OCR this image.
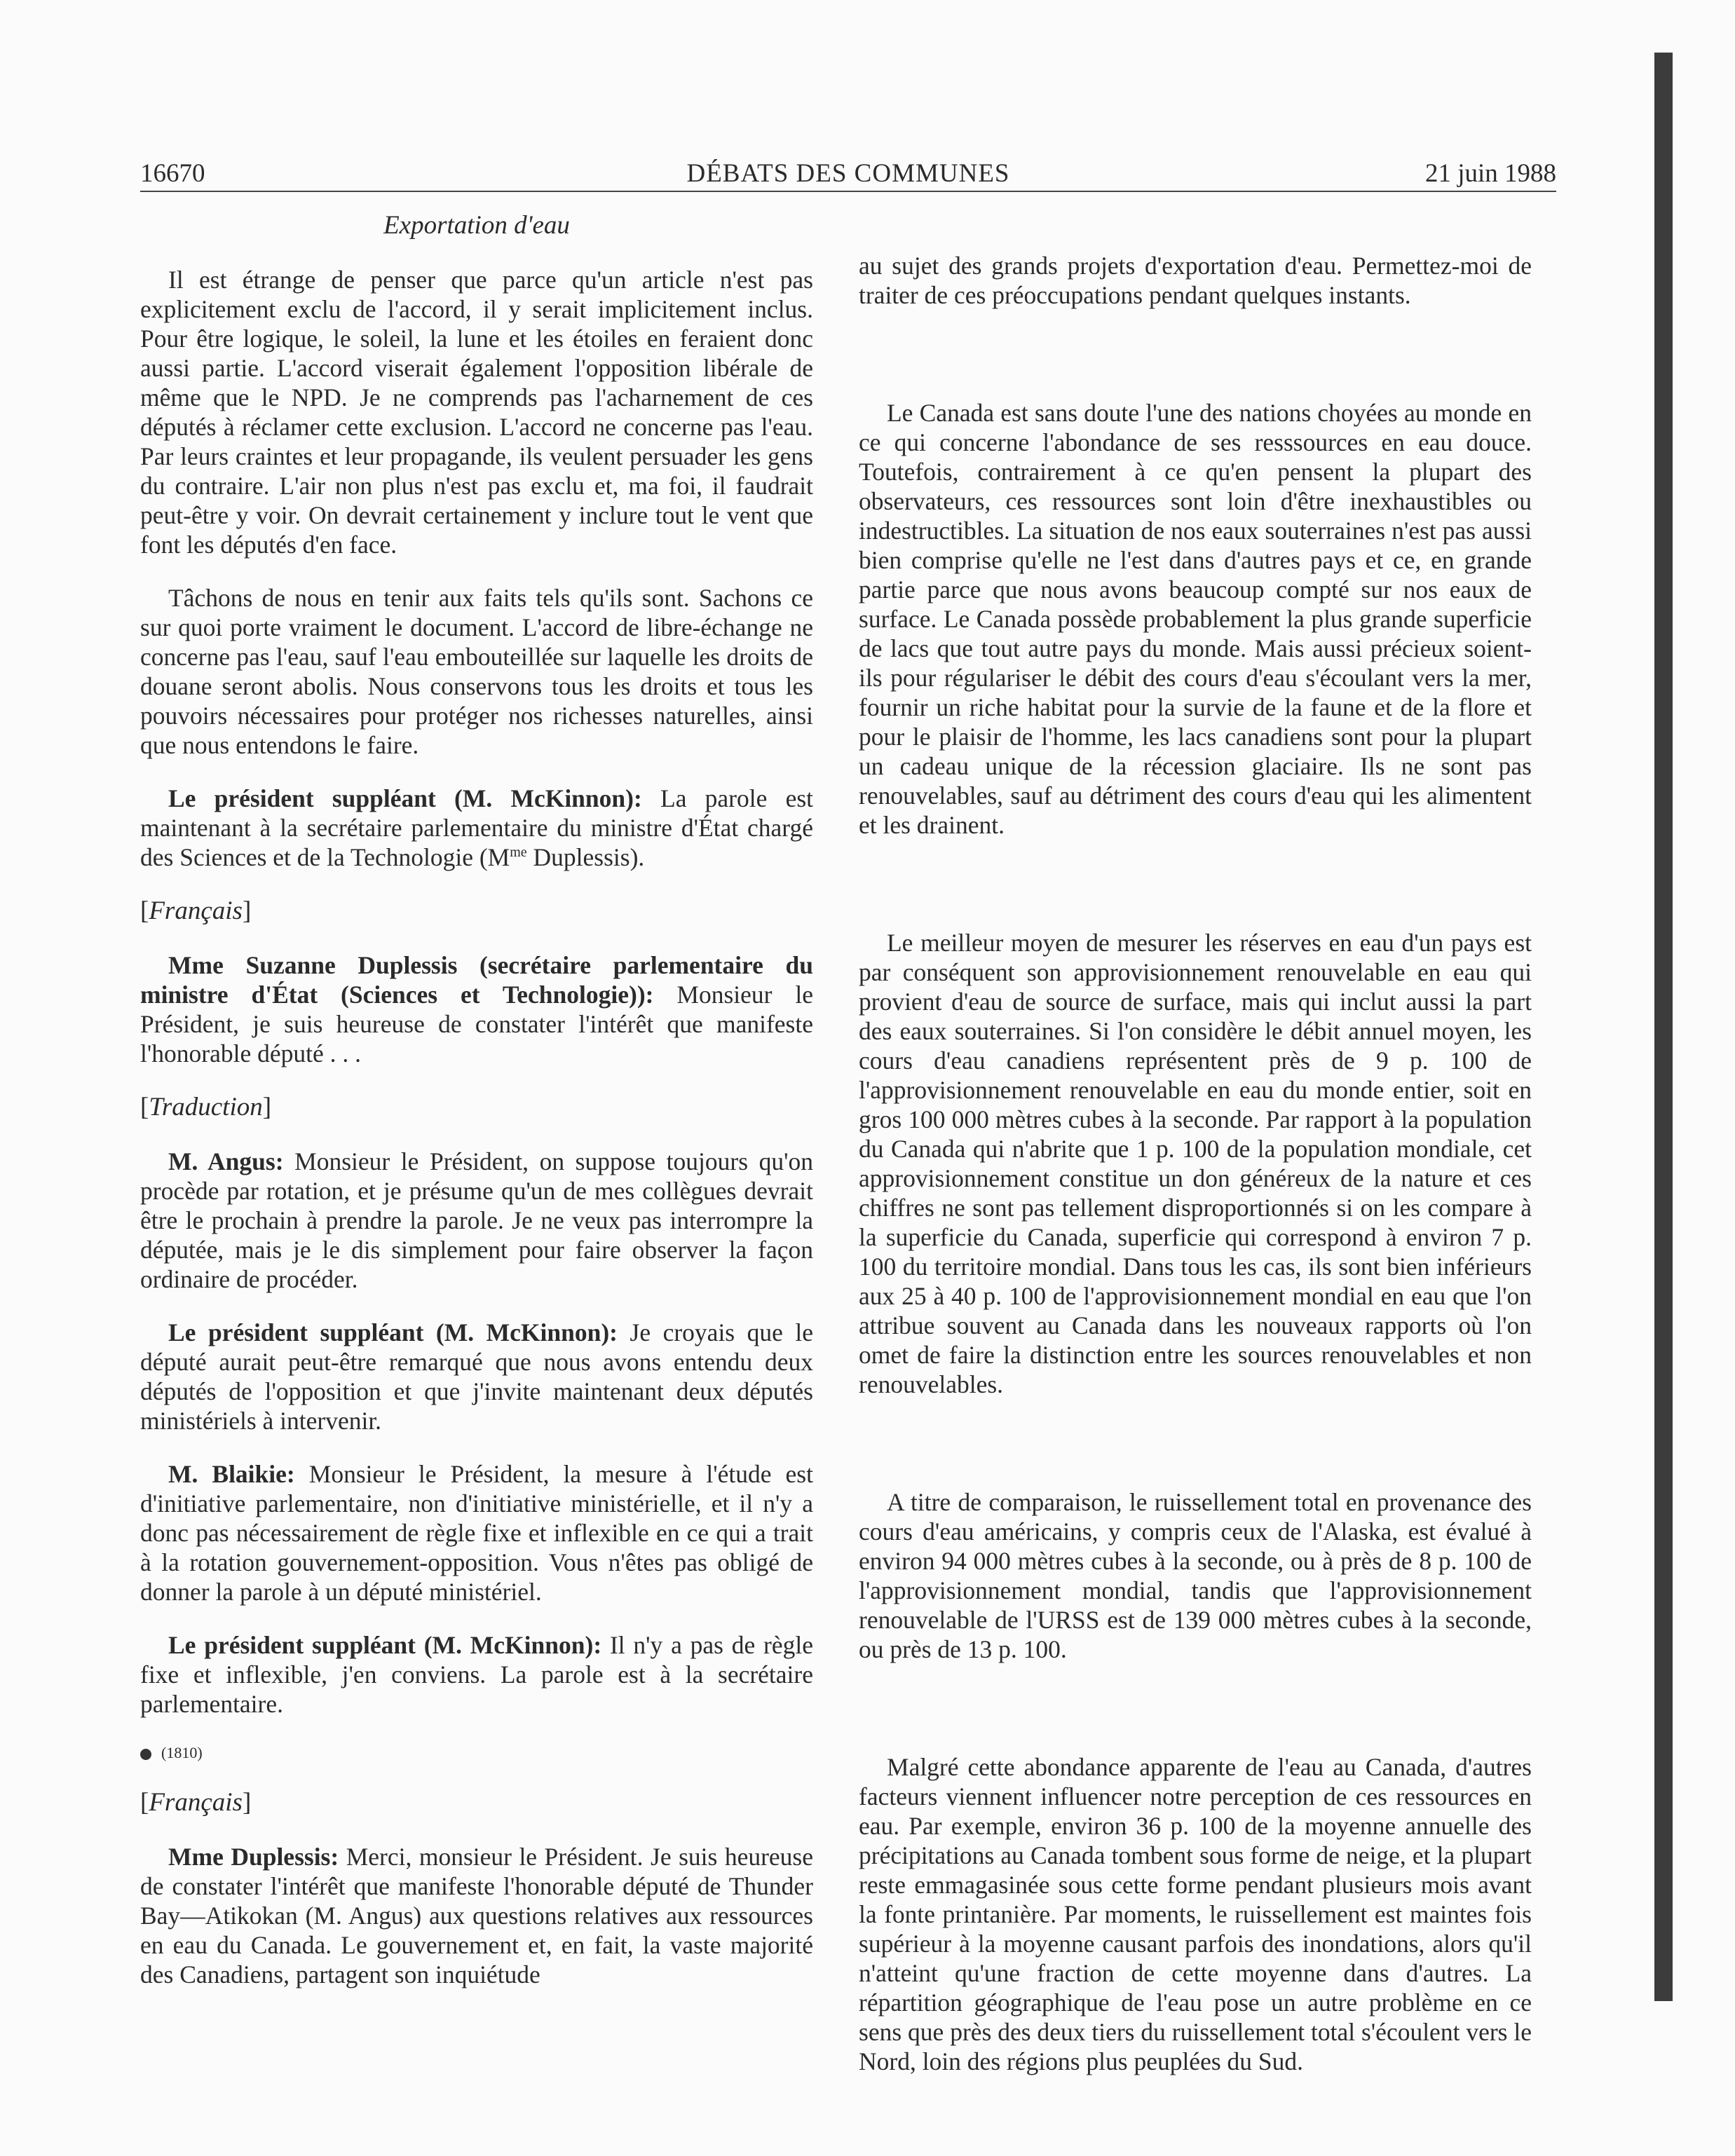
16670	DÉBATS DES COMMUNES	21 juin 1988

Exportation d'eau

Il est étrange de penser que parce qu'un article n'est pas explicitement exclu de l'accord, il y serait implicitement inclus. Pour être logique, le soleil, la lune et les étoiles en feraient donc aussi partie. L'accord viserait également l'opposition libérale de même que le NPD. Je ne comprends pas l'acharnement de ces députés à réclamer cette exclusion. L'accord ne concerne pas l'eau. Par leurs craintes et leur propagande, ils veulent persuader les gens du contraire. L'air non plus n'est pas exclu et, ma foi, il faudrait peut-être y voir. On devrait certainement y inclure tout le vent que font les députés d'en face.

Tâchons de nous en tenir aux faits tels qu'ils sont. Sachons ce sur quoi porte vraiment le document. L'accord de libre-échange ne concerne pas l'eau, sauf l'eau embouteillée sur laquelle les droits de douane seront abolis. Nous conservons tous les droits et tous les pouvoirs nécessaires pour protéger nos richesses naturelles, ainsi que nous entendons le faire.

Le président suppléant (M. McKinnon): La parole est maintenant à la secrétaire parlementaire du ministre d'État chargé des Sciences et de la Technologie ($M^{me}$ Duplessis).

[Français]

Mme Suzanne Duplessis (secrétaire parlementaire du ministre d'État (Sciences et Technologie)): Monsieur le Président, je suis heureuse de constater l'intérêt que manifeste l'honorable député . . .

[Traduction]

M. Angus: Monsieur le Président, on suppose toujours qu'on procède par rotation, et je présume qu'un de mes collègues devrait être le prochain à prendre la parole. Je ne veux pas interrompre la députée, mais je le dis simplement pour faire observer la façon ordinaire de procéder.

Le président suppléant (M. McKinnon): Je croyais que le député aurait peut-être remarqué que nous avons entendu deux députés de l'opposition et que j'invite maintenant deux députés ministériels à intervenir.

M. Blaikie: Monsieur le Président, la mesure à l'étude est d'initiative parlementaire, non d'initiative ministérielle, et il n'y a donc pas nécessairement de règle fixe et inflexible en ce qui a trait à la rotation gouvernement-opposition. Vous n'êtes pas obligé de donner la parole à un député ministériel.

Le président suppléant (M. McKinnon): Il n'y a pas de règle fixe et inflexible, j'en conviens. La parole est à la secrétaire parlementaire.

(1810)

[Français]

Mme Duplessis: Merci, monsieur le Président. Je suis heureuse de constater l'intérêt que manifeste l'honorable député de Thunder Bay—Atikokan (M. Angus) aux questions relatives aux ressources en eau du Canada. Le gouvernement et, en fait, la vaste majorité des Canadiens, partagent son inquiétude

au sujet des grands projets d'exportation d'eau. Permettez-moi de traiter de ces préoccupations pendant quelques instants.

Le Canada est sans doute l'une des nations choyées au monde en ce qui concerne l'abondance de ses resssources en eau douce. Toutefois, contrairement à ce qu'en pensent la plupart des observateurs, ces ressources sont loin d'être inexhaustibles ou indestructibles. La situation de nos eaux souterraines n'est pas aussi bien comprise qu'elle ne l'est dans d'autres pays et ce, en grande partie parce que nous avons beaucoup compté sur nos eaux de surface. Le Canada possède probablement la plus grande superficie de lacs que tout autre pays du monde. Mais aussi précieux soient-ils pour régulariser le débit des cours d'eau s'écoulant vers la mer, fournir un riche habitat pour la survie de la faune et de la flore et pour le plaisir de l'homme, les lacs canadiens sont pour la plupart un cadeau unique de la récession glaciaire. Ils ne sont pas renouvelables, sauf au détriment des cours d'eau qui les alimentent et les drainent.

Le meilleur moyen de mesurer les réserves en eau d'un pays est par conséquent son approvisionnement renouvelable en eau qui provient d'eau de source de surface, mais qui inclut aussi la part des eaux souterraines. Si l'on considère le débit annuel moyen, les cours d'eau canadiens représentent près de 9 p. 100 de l'approvisionnement renouvelable en eau du monde entier, soit en gros 100 000 mètres cubes à la seconde. Par rapport à la population du Canada qui n'abrite que 1 p. 100 de la population mondiale, cet approvisionnement constitue un don généreux de la nature et ces chiffres ne sont pas tellement disproportionnés si on les compare à la superficie du Canada, superficie qui correspond à environ 7 p. 100 du territoire mondial. Dans tous les cas, ils sont bien inférieurs aux 25 à 40 p. 100 de l'approvisionnement mondial en eau que l'on attribue souvent au Canada dans les nouveaux rapports où l'on omet de faire la distinction entre les sources renouvelables et non renouvelables.

A titre de comparaison, le ruissellement total en provenance des cours d'eau américains, y compris ceux de l'Alaska, est évalué à environ 94 000 mètres cubes à la seconde, ou à près de 8 p. 100 de l'approvisionnement mondial, tandis que l'approvisionnement renouvelable de l'URSS est de 139 000 mètres cubes à la seconde, ou près de 13 p. 100.

Malgré cette abondance apparente de l'eau au Canada, d'autres facteurs viennent influencer notre perception de ces ressources en eau. Par exemple, environ 36 p. 100 de la moyenne annuelle des précipitations au Canada tombent sous forme de neige, et la plupart reste emmagasinée sous cette forme pendant plusieurs mois avant la fonte printanière. Par moments, le ruissellement est maintes fois supérieur à la moyenne causant parfois des inondations, alors qu'il n'atteint qu'une fraction de cette moyenne dans d'autres. La répartition géographique de l'eau pose un autre problème en ce sens que près des deux tiers du ruissellement total s'écoulent vers le Nord, loin des régions plus peuplées du Sud.
